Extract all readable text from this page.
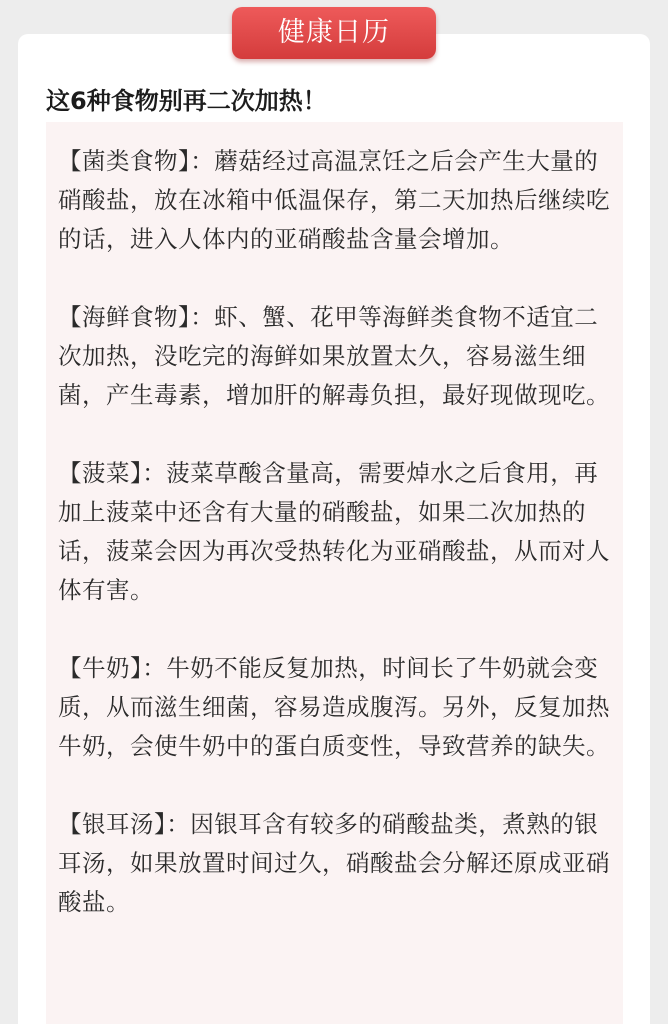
健康日历
这6种食物别再二次加热！

【菌类食物】：蘑菇经过高温烹饪之后会产生大量的硝酸盐，放在冰箱中低温保存，第二天加热后继续吃的话，进入人体内的亚硝酸盐含量会增加。

【海鲜食物】：虾、蟹、花甲等海鲜类食物不适宜二次加热，没吃完的海鲜如果放置太久，容易滋生细菌，产生毒素，增加肝的解毒负担，最好现做现吃。

【菠菜】：菠菜草酸含量高，需要焯水之后食用，再加上菠菜中还含有大量的硝酸盐，如果二次加热的话，菠菜会因为再次受热转化为亚硝酸盐，从而对人体有害。

【牛奶】：牛奶不能反复加热，时间长了牛奶就会变质，从而滋生细菌，容易造成腹泻。另外，反复加热牛奶，会使牛奶中的蛋白质变性，导致营养的缺失。

【银耳汤】：因银耳含有较多的硝酸盐类，煮熟的银耳汤，如果放置时间过久，硝酸盐会分解还原成亚硝酸盐。
